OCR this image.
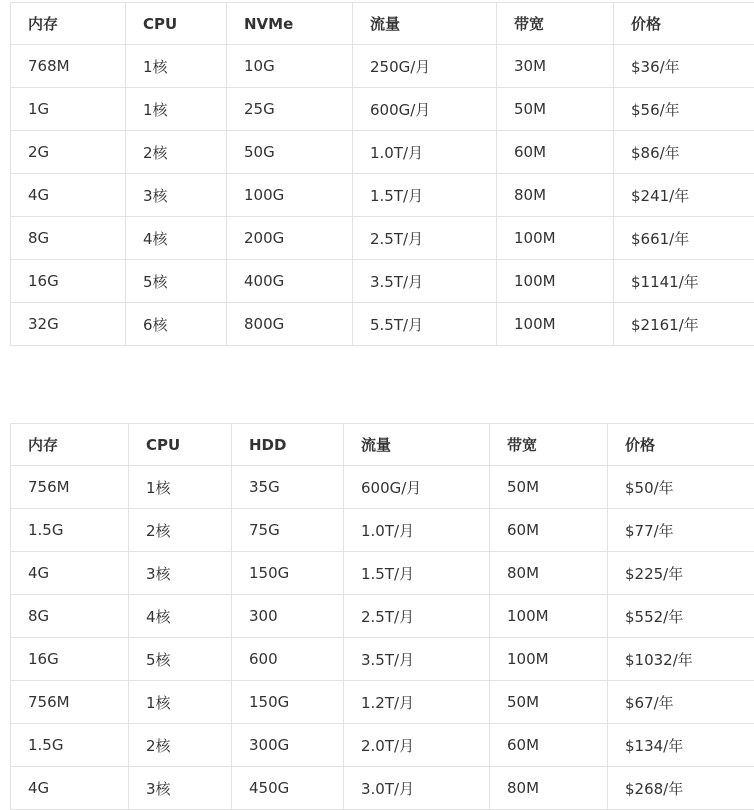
内存	CPU	NVMe	流量	带宽	价格
768M	1核	10G	250G/月	30M	$36/年
1G	1核	25G	600G/月	50M	$56/年
2G	2核	50G	1.0T/月	60M	$86/年
4G	3核	100G	1.5T/月	80M	$241/年
8G	4核	200G	2.5T/月	100M	$661/年
16G	5核	400G	3.5T/月	100M	$1141/年
32G	6核	800G	5.5T/月	100M	$2161/年
内存	CPU	HDD	流量	带宽	价格
756M	1核	35G	600G/月	50M	$50/年
1.5G	2核	75G	1.0T/月	60M	$77/年
4G	3核	150G	1.5T/月	80M	$225/年
8G	4核	300	2.5T/月	100M	$552/年
16G	5核	600	3.5T/月	100M	$1032/年
756M	1核	150G	1.2T/月	50M	$67/年
1.5G	2核	300G	2.0T/月	60M	$134/年
4G	3核	450G	3.0T/月	80M	$268/年
